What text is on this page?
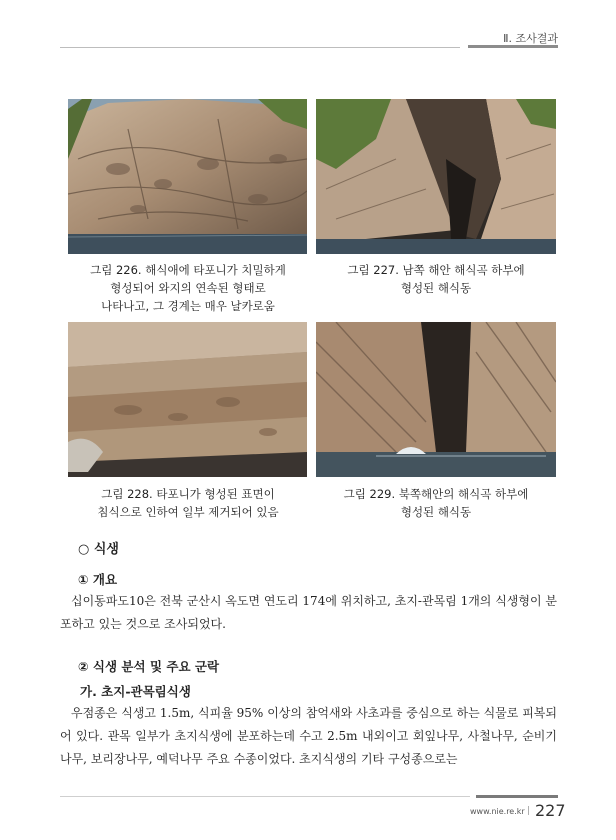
Ⅱ. 조사결과
그림 226. 해식애에 타포니가 치밀하게
형성되어 와지의 연속된 형태로
나타나고, 그 경계는 매우 날카로움
그림 227. 남쪽 해안 해식곡 하부에
형성된 해식동
그림 228. 타포니가 형성된 표면이
침식으로 인하여 일부 제거되어 있음
그림 229. 북쪽해안의 해식곡 하부에
형성된 해식동
○ 식생
① 개요
십이동파도10은 전북 군산시 옥도면 연도리 174에 위치하고, 초지-관목림 1개의 식생형이 분포하고 있는 것으로 조사되었다.
② 식생 분석 및 주요 군락
가. 초지-관목림식생
우점종은 식생고 1.5m, 식피율 95% 이상의 참억새와 사초과를 중심으로 하는 식물로 피복되어 있다. 관목 일부가 초지식생에 분포하는데 수고 2.5m 내외이고 회잎나무, 사철나무, 순비기나무, 보리장나무, 예덕나무 주요 수종이었다. 초지식생의 기타 구성종으로는
www.nie.re.kr | 227
